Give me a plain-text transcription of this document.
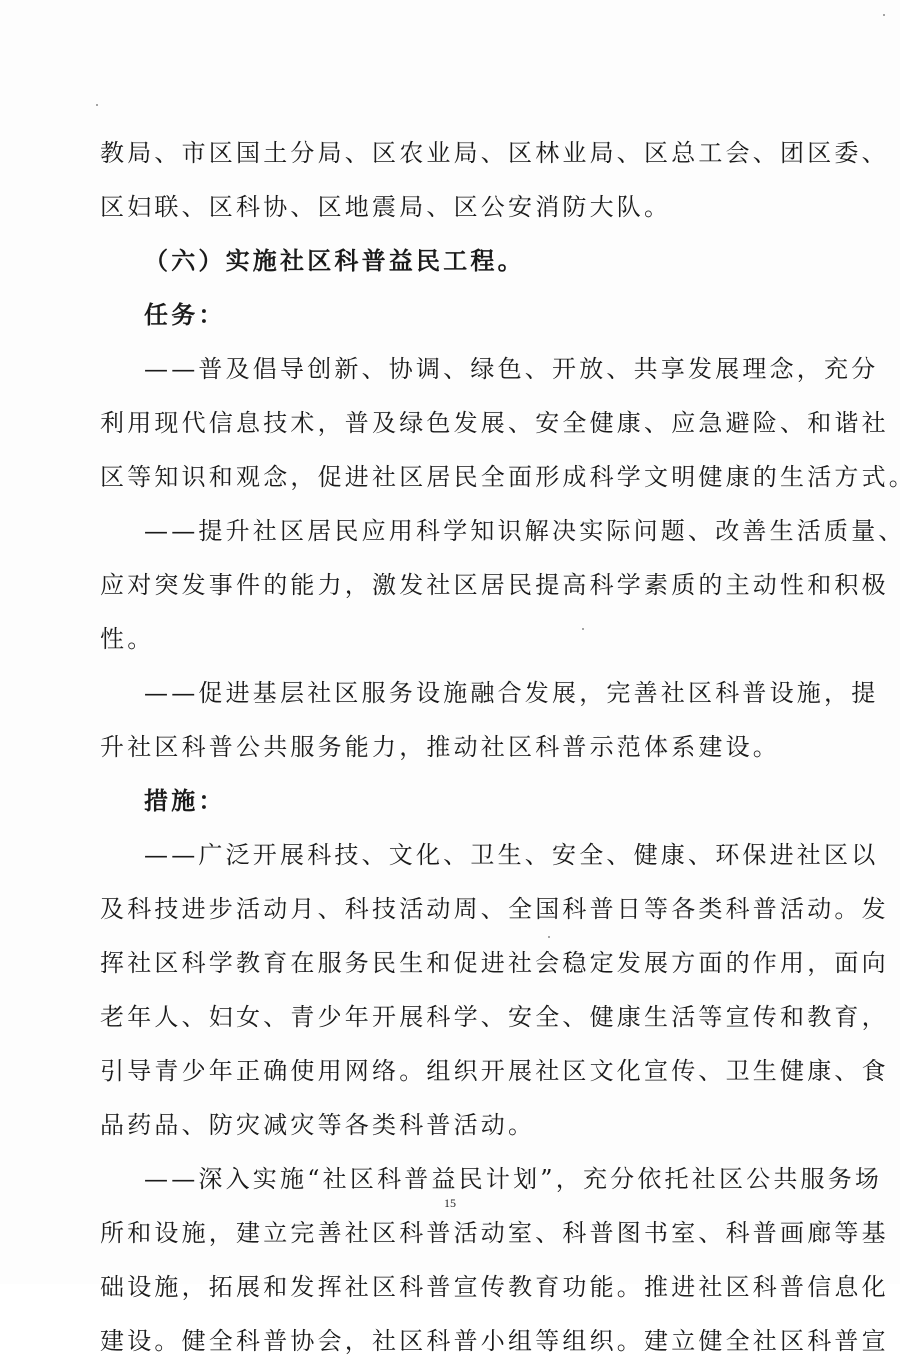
教局、市区国土分局、区农业局、区林业局、区总工会、团区委、
区妇联、区科协、区地震局、区公安消防大队。
（六）实施社区科普益民工程。
任务：
——普及倡导创新、协调、绿色、开放、共享发展理念，充分
利用现代信息技术，普及绿色发展、安全健康、应急避险、和谐社
区等知识和观念，促进社区居民全面形成科学文明健康的生活方式。
——提升社区居民应用科学知识解决实际问题、改善生活质量、
应对突发事件的能力，激发社区居民提高科学素质的主动性和积极
性。
——促进基层社区服务设施融合发展，完善社区科普设施，提
升社区科普公共服务能力，推动社区科普示范体系建设。
措施：
——广泛开展科技、文化、卫生、安全、健康、环保进社区以
及科技进步活动月、科技活动周、全国科普日等各类科普活动。发
挥社区科学教育在服务民生和促进社会稳定发展方面的作用，面向
老年人、妇女、青少年开展科学、安全、健康生活等宣传和教育，
引导青少年正确使用网络。组织开展社区文化宣传、卫生健康、食
品药品、防灾减灾等各类科普活动。
——深入实施“社区科普益民计划”，充分依托社区公共服务场
所和设施，建立完善社区科普活动室、科普图书室、科普画廊等基
础设施，拓展和发挥社区科普宣传教育功能。推进社区科普信息化
建设。健全科普协会，社区科普小组等组织。建立健全社区科普宣
15
